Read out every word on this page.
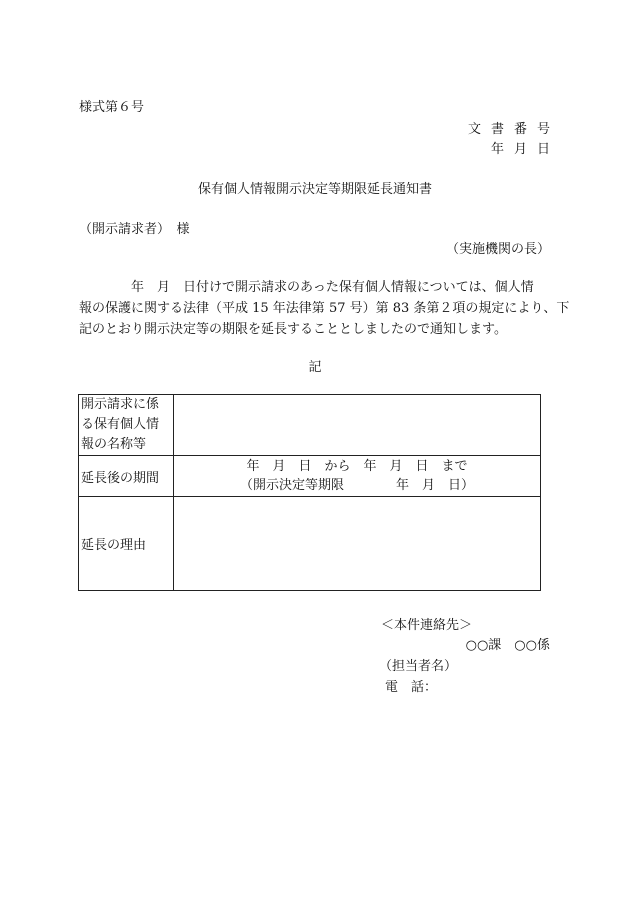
様式第６号
文書番号
年月日
保有個人情報開示決定等期限延長通知書
（開示請求者）　様
（実施機関の長）
　　　　年　月　日付けで開示請求のあった保有個人情報については、個人情
報の保護に関する法律（平成 15 年法律第 57 号）第 83 条第２項の規定により、下
記のとおり開示決定等の期限を延長することとしましたので通知します。
記
開示請求に係
る保有個人情
報の名称等	

延長後の期間	年　月　日　から　年　月　日　まで
（開示決定等期限　　　　年　月　日）

延長の理由	
＜本件連絡先＞
○○課　○○係
（担当者名）
電　話：
